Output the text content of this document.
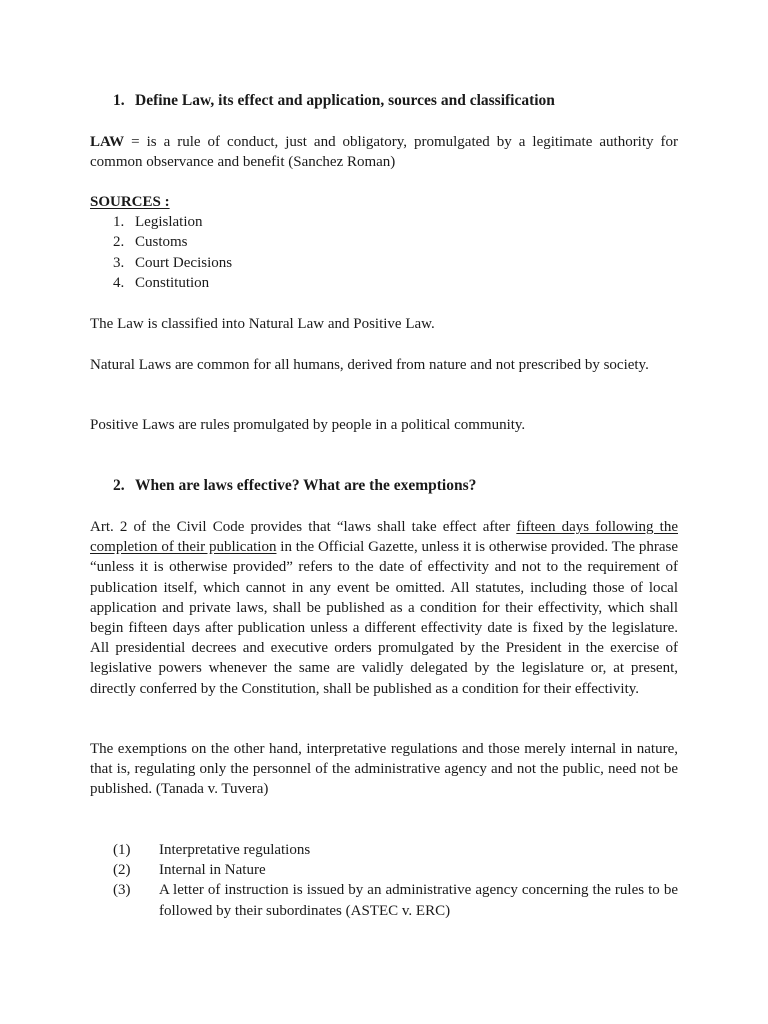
1. Define Law, its effect and application, sources and classification

LAW = is a rule of conduct, just and obligatory, promulgated by a legitimate authority for common observance and benefit (Sanchez Roman)

SOURCES :
1. Legislation
2. Customs
3. Court Decisions
4. Constitution

The Law is classified into Natural Law and Positive Law.

Natural Laws are common for all humans, derived from nature and not prescribed by society.

Positive Laws are rules promulgated by people in a political community.

2. When are laws effective? What are the exemptions?

Art. 2 of the Civil Code provides that “laws shall take effect after fifteen days following the completion of their publication in the Official Gazette, unless it is otherwise provided. The phrase “unless it is otherwise provided” refers to the date of effectivity and not to the requirement of publication itself, which cannot in any event be omitted. All statutes, including those of local application and private laws, shall be published as a condition for their effectivity, which shall begin fifteen days after publication unless a different effectivity date is fixed by the legislature. All presidential decrees and executive orders promulgated by the President in the exercise of legislative powers whenever the same are validly delegated by the legislature or, at present, directly conferred by the Constitution, shall be published as a condition for their effectivity.

The exemptions on the other hand, interpretative regulations and those merely internal in nature, that is, regulating only the personnel of the administrative agency and not the public, need not be published. (Tanada v. Tuvera)

(1)	Interpretative regulations
(2)	Internal in Nature
(3)	A letter of instruction is issued by an administrative agency concerning the rules to be followed by their subordinates (ASTEC v. ERC)
